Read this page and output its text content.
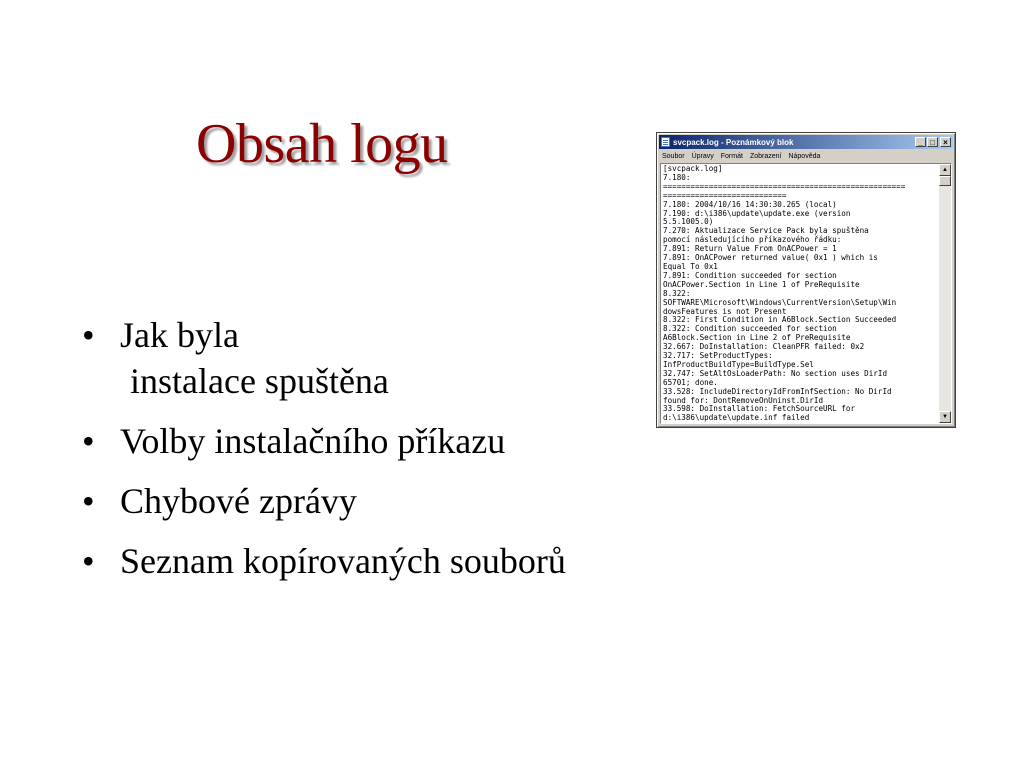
Obsah logu
• Jak byla
instalace spuštěna
• Volby instalačního příkazu
• Chybové zprávy
• Seznam kopírovaných souborů
svcpack.log - Poznámkový blok	_ □	×
Soubor Úpravy Formát Zobrazení Nápověda
[svcpack.log]
7.180:
=====================================================
===========================
7.180: 2004/10/16 14:30:30.265 (local)
7.190: d:\i386\update\update.exe (version
5.5.1005.0)
7.270: Aktualizace Service Pack byla spuštěna
pomocí následujícího příkazového řádku:
7.891: Return Value From OnACPower = 1
7.891: OnACPower returned value( 0x1 ) which is
Equal To 0x1
7.891: Condition succeeded for section
OnACPower.Section in Line 1 of PreRequisite
8.322:
SOFTWARE\Microsoft\Windows\CurrentVersion\Setup\Win
dowsFeatures is not Present
8.322: First Condition in A6Block.Section Succeeded
8.322: Condition succeeded for section
A6Block.Section in Line 2 of PreRequisite
32.667: DoInstallation: CleanPFR failed: 0x2
32.717: SetProductTypes:
InfProductBuildType=BuildType.Sel
32.747: SetAltOsLoaderPath: No section uses DirId
65701; done.
33.528: IncludeDirectoryIdFromInfSection: No DirId
found for: DontRemoveOnUninst.DirId
33.598: DoInstallation: FetchSourceURL for
d:\i386\update\update.inf failed
▲
▼
